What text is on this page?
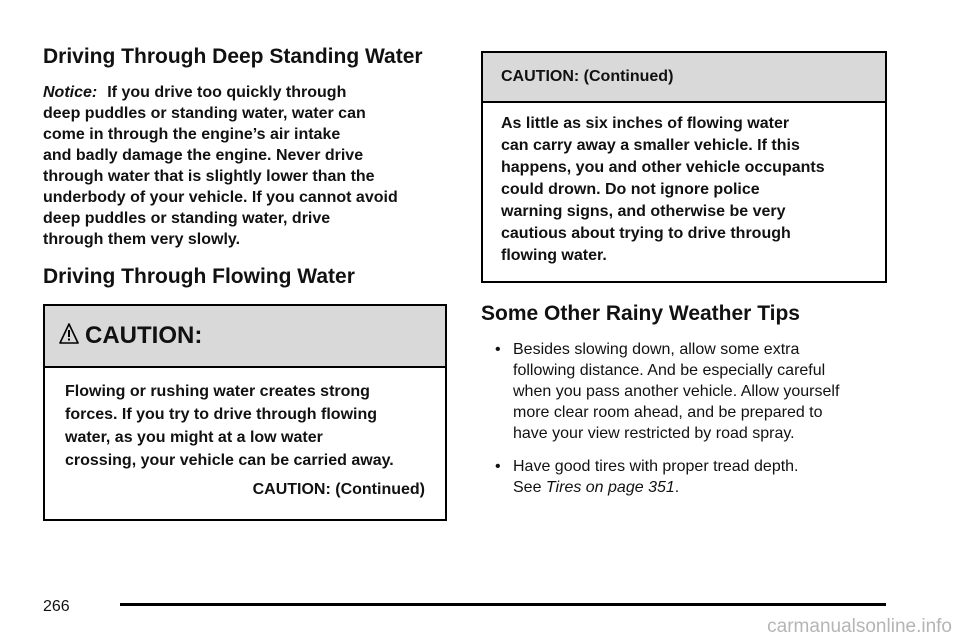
Driving Through Deep Standing Water
Notice: If you drive too quickly through
deep puddles or standing water, water can
come in through the engine’s air intake
and badly damage the engine. Never drive
through water that is slightly lower than the
underbody of your vehicle. If you cannot avoid
deep puddles or standing water, drive
through them very slowly.
Driving Through Flowing Water
CAUTION:
Flowing or rushing water creates strong
forces. If you try to drive through flowing
water, as you might at a low water
crossing, your vehicle can be carried away.
CAUTION: (Continued)
CAUTION: (Continued)
As little as six inches of flowing water
can carry away a smaller vehicle. If this
happens, you and other vehicle occupants
could drown. Do not ignore police
warning signs, and otherwise be very
cautious about trying to drive through
flowing water.
Some Other Rainy Weather Tips
• Besides slowing down, allow some extra
following distance. And be especially careful
when you pass another vehicle. Allow yourself
more clear room ahead, and be prepared to
have your view restricted by road spray.
• Have good tires with proper tread depth.
See Tires on page 351.
266
carmanualsonline.info
